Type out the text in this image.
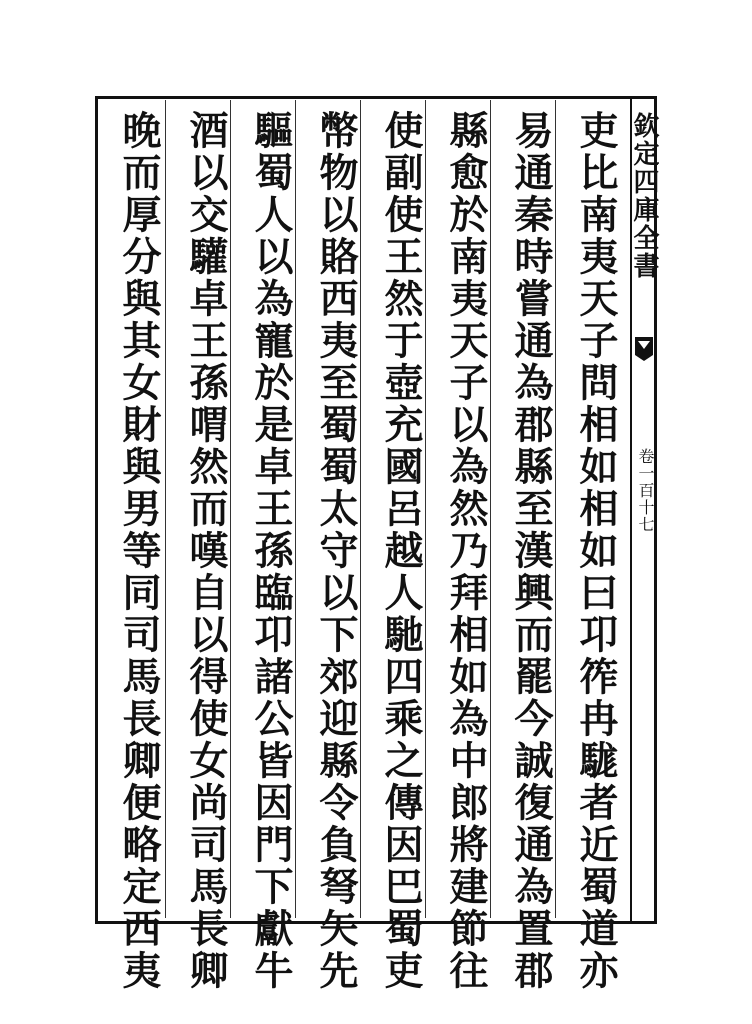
吏比南夷天子問相如相如曰卭筰冉駹者近蜀道亦
易通秦時嘗通為郡縣至漢興而罷今誠復通為置郡
縣愈於南夷天子以為然乃拜相如為中郎將建節往
使副使王然于壺充國呂越人馳四乘之傳因巴蜀吏
幣物以賂西夷至蜀蜀太守以下郊迎縣令負弩矢先
驅蜀人以為寵於是卓王孫臨卭諸公皆因門下獻牛
酒以交驩卓王孫喟然而嘆自以得使女尚司馬長卿
晚而厚分與其女財與男等同司馬長卿便略定西夷	欽定四庫全書
卷一百十七
